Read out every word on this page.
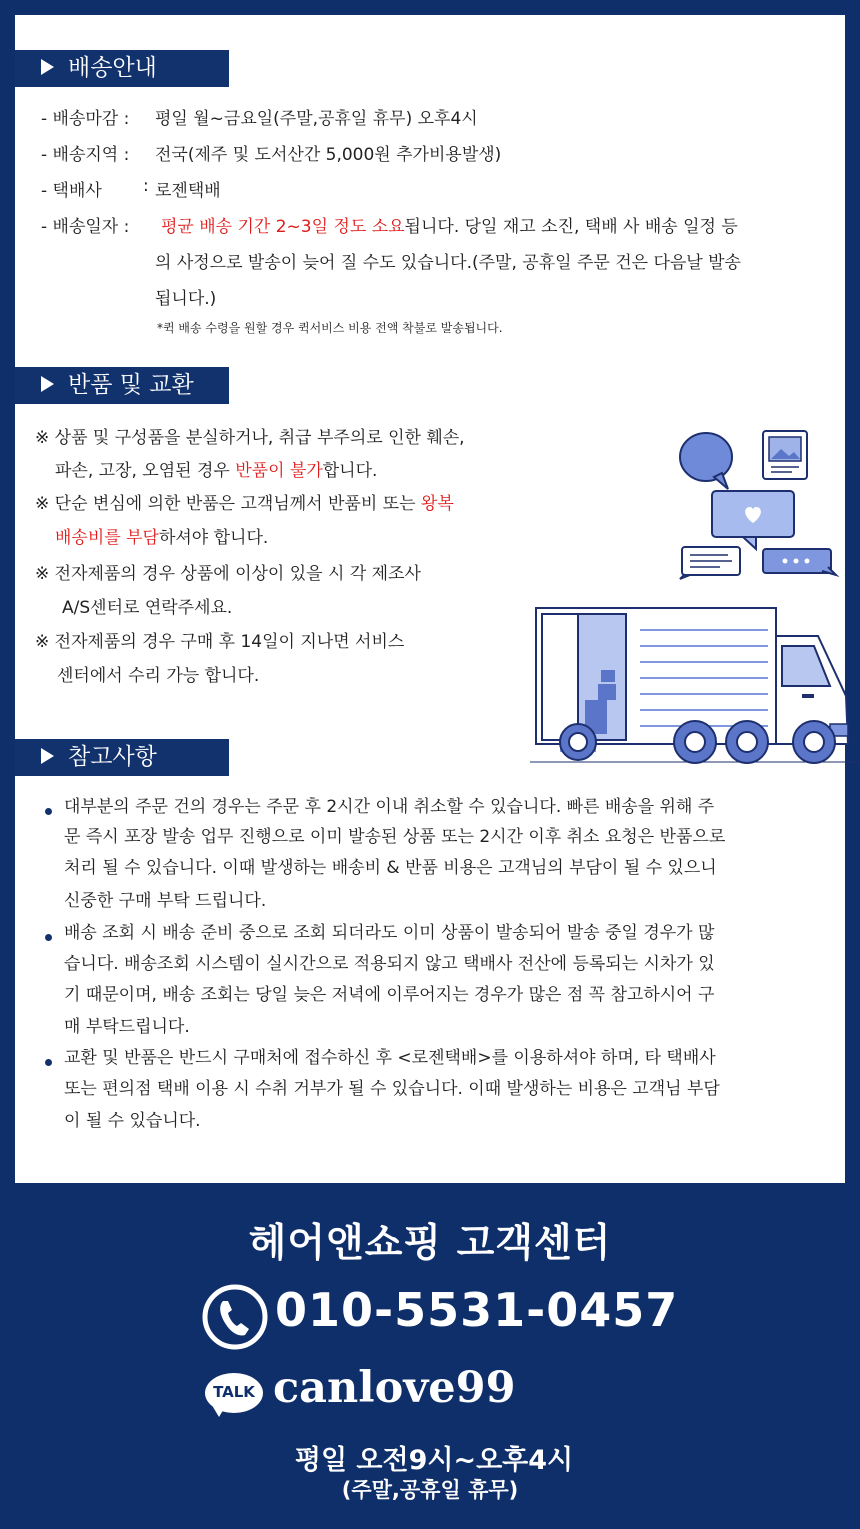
배송안내
- 배송마감 : 평일 월~금요일(주말,공휴일 휴무) 오후4시
- 배송지역 : 전국(제주 및 도서산간 5,000원 추가비용발생)
- 택배사 : 로젠택배
- 배송일자 : 평균 배송 기간 2~3일 정도 소요됩니다. 당일 재고 소진, 택배 사 배송 일정 등
의 사정으로 발송이 늦어 질 수도 있습니다.(주말, 공휴일 주문 건은 다음날 발송
됩니다.)
*퀵 배송 수령을 원할 경우 퀵서비스 비용 전액 착불로 발송됩니다.
반품 및 교환
※ 상품 및 구성품을 분실하거나, 취급 부주의로 인한 훼손,
파손, 고장, 오염된 경우 반품이 불가합니다.
※ 단순 변심에 의한 반품은 고객님께서 반품비 또는 왕복
배송비를 부담하셔야 합니다.
※ 전자제품의 경우 상품에 이상이 있을 시 각 제조사
A/S센터로 연락주세요.
※ 전자제품의 경우 구매 후 14일이 지나면 서비스
센터에서 수리 가능 합니다.
참고사항
대부분의 주문 건의 경우는 주문 후 2시간 이내 취소할 수 있습니다. 빠른 배송을 위해 주
문 즉시 포장 발송 업무 진행으로 이미 발송된 상품 또는 2시간 이후 취소 요청은 반품으로
처리 될 수 있습니다. 이때 발생하는 배송비 & 반품 비용은 고객님의 부담이 될 수 있으니
신중한 구매 부탁 드립니다.
배송 조회 시 배송 준비 중으로 조회 되더라도 이미 상품이 발송되어 발송 중일 경우가 많
습니다. 배송조회 시스템이 실시간으로 적용되지 않고 택배사 전산에 등록되는 시차가 있
기 때문이며, 배송 조회는 당일 늦은 저녁에 이루어지는 경우가 많은 점 꼭 참고하시어 구
매 부탁드립니다.
교환 및 반품은 반드시 구매처에 접수하신 후 <로젠택배>를 이용하셔야 하며, 타 택배사
또는 편의점 택배 이용 시 수취 거부가 될 수 있습니다. 이때 발생하는 비용은 고객님 부담
이 될 수 있습니다.
헤어앤쇼핑 고객센터
010-5531-0457
TALK canlove99
평일 오전9시~오후4시
(주말,공휴일 휴무)
